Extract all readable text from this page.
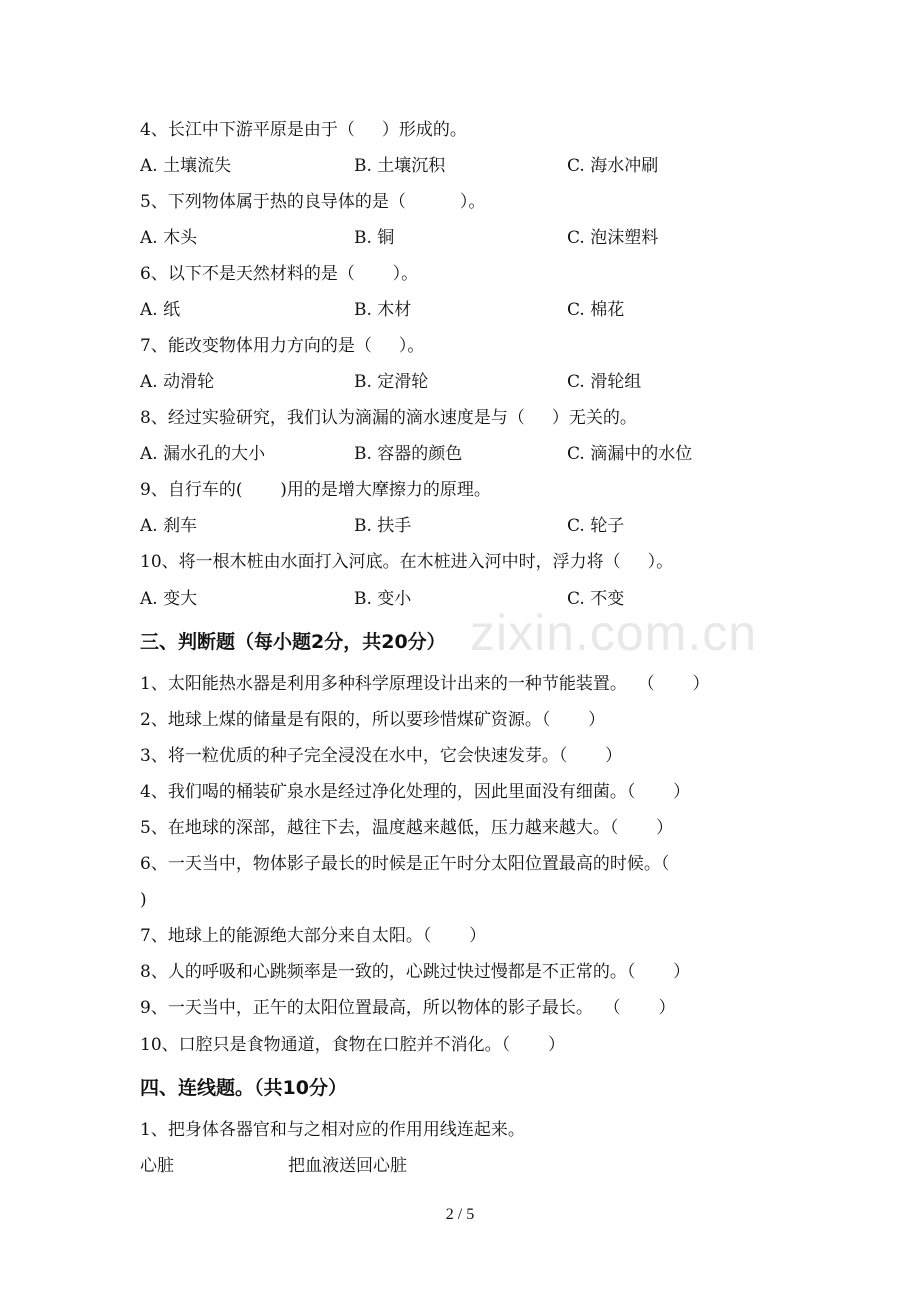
zixin.com.cn
4、长江中下游平原是由于（     ）形成的。
A. 土壤流失	B. 土壤沉积	C. 海水冲刷
5、下列物体属于热的良导体的是（          ）。
A. 木头	B. 铜	C. 泡沫塑料
6、以下不是天然材料的是（       ）。
A. 纸	B. 木材	C. 棉花
7、能改变物体用力方向的是（     ）。
A. 动滑轮	B. 定滑轮	C. 滑轮组
8、经过实验研究，我们认为滴漏的滴水速度是与（     ）无关的。
A. 漏水孔的大小	B. 容器的颜色	C. 滴漏中的水位
9、自行车的(       )用的是增大摩擦力的原理。
A. 刹车	B. 扶手	C. 轮子
10、将一根木桩由水面打入河底。在木桩进入河中时，浮力将（     ）。
A. 变大	B. 变小	C. 不变
三、判断题（每小题2分，共20分）
1、太阳能热水器是利用多种科学原理设计出来的一种节能装置。  （       ）
2、地球上煤的储量是有限的，所以要珍惜煤矿资源。（       ）
3、将一粒优质的种子完全浸没在水中，它会快速发芽。（       ）
4、我们喝的桶装矿泉水是经过净化处理的，因此里面没有细菌。（       ）
5、在地球的深部，越往下去，温度越来越低，压力越来越大。（       ）
6、一天当中，物体影子最长的时候是正午时分太阳位置最高的时候。（
)
7、地球上的能源绝大部分来自太阳。（       ）
8、人的呼吸和心跳频率是一致的，心跳过快过慢都是不正常的。（       ）
9、一天当中，正午的太阳位置最高，所以物体的影子最长。  （       ）
10、口腔只是食物通道，食物在口腔并不消化。（       ）
四、连线题。（共10分）
1、把身体各器官和与之相对应的作用用线连起来。
心脏	把血液送回心脏
2 / 5
